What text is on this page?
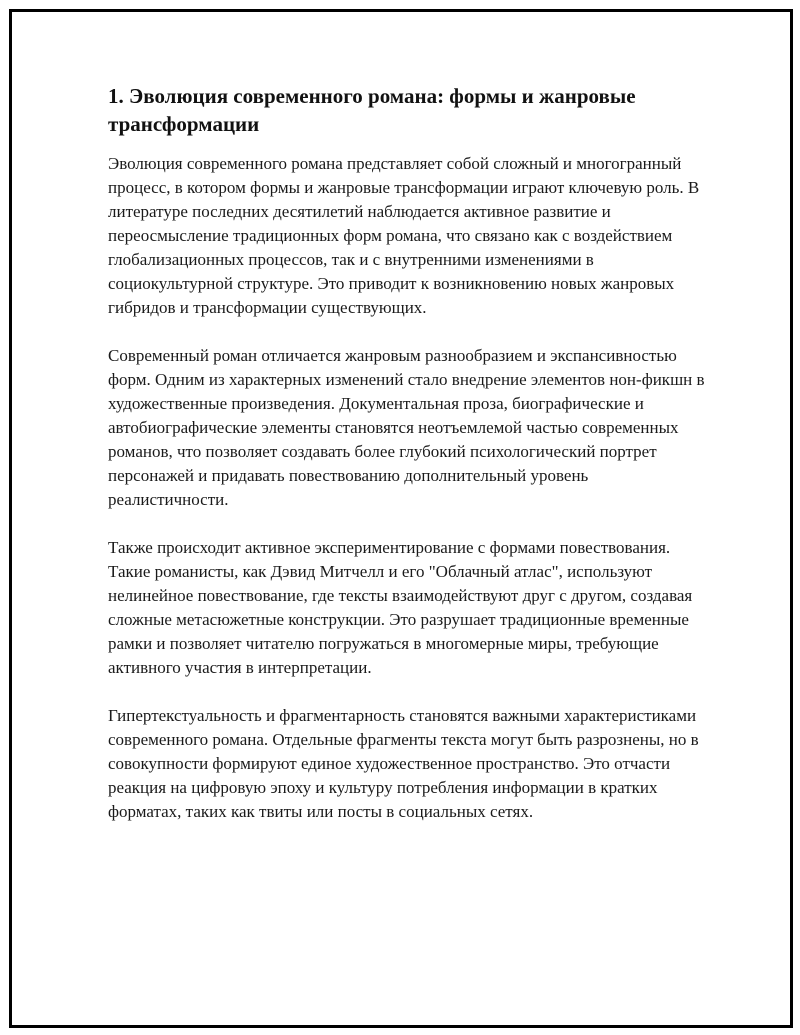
1. Эволюция современного романа: формы и жанровые трансформации

Эволюция современного романа представляет собой сложный и многогранный процесс, в котором формы и жанровые трансформации играют ключевую роль. В литературе последних десятилетий наблюдается активное развитие и переосмысление традиционных форм романа, что связано как с воздействием глобализационных процессов, так и с внутренними изменениями в социокультурной структуре. Это приводит к возникновению новых жанровых гибридов и трансформации существующих.

Современный роман отличается жанровым разнообразием и экспансивностью форм. Одним из характерных изменений стало внедрение элементов нон-фикшн в художественные произведения. Документальная проза, биографические и автобиографические элементы становятся неотъемлемой частью современных романов, что позволяет создавать более глубокий психологический портрет персонажей и придавать повествованию дополнительный уровень реалистичности.

Также происходит активное экспериментирование с формами повествования. Такие романисты, как Дэвид Митчелл и его "Облачный атлас", используют нелинейное повествование, где тексты взаимодействуют друг с другом, создавая сложные метасюжетные конструкции. Это разрушает традиционные временные рамки и позволяет читателю погружаться в многомерные миры, требующие активного участия в интерпретации.

Гипертекстуальность и фрагментарность становятся важными характеристиками современного романа. Отдельные фрагменты текста могут быть разрознены, но в совокупности формируют единое художественное пространство. Это отчасти реакция на цифровую эпоху и культуру потребления информации в кратких форматах, таких как твиты или посты в социальных сетях.
